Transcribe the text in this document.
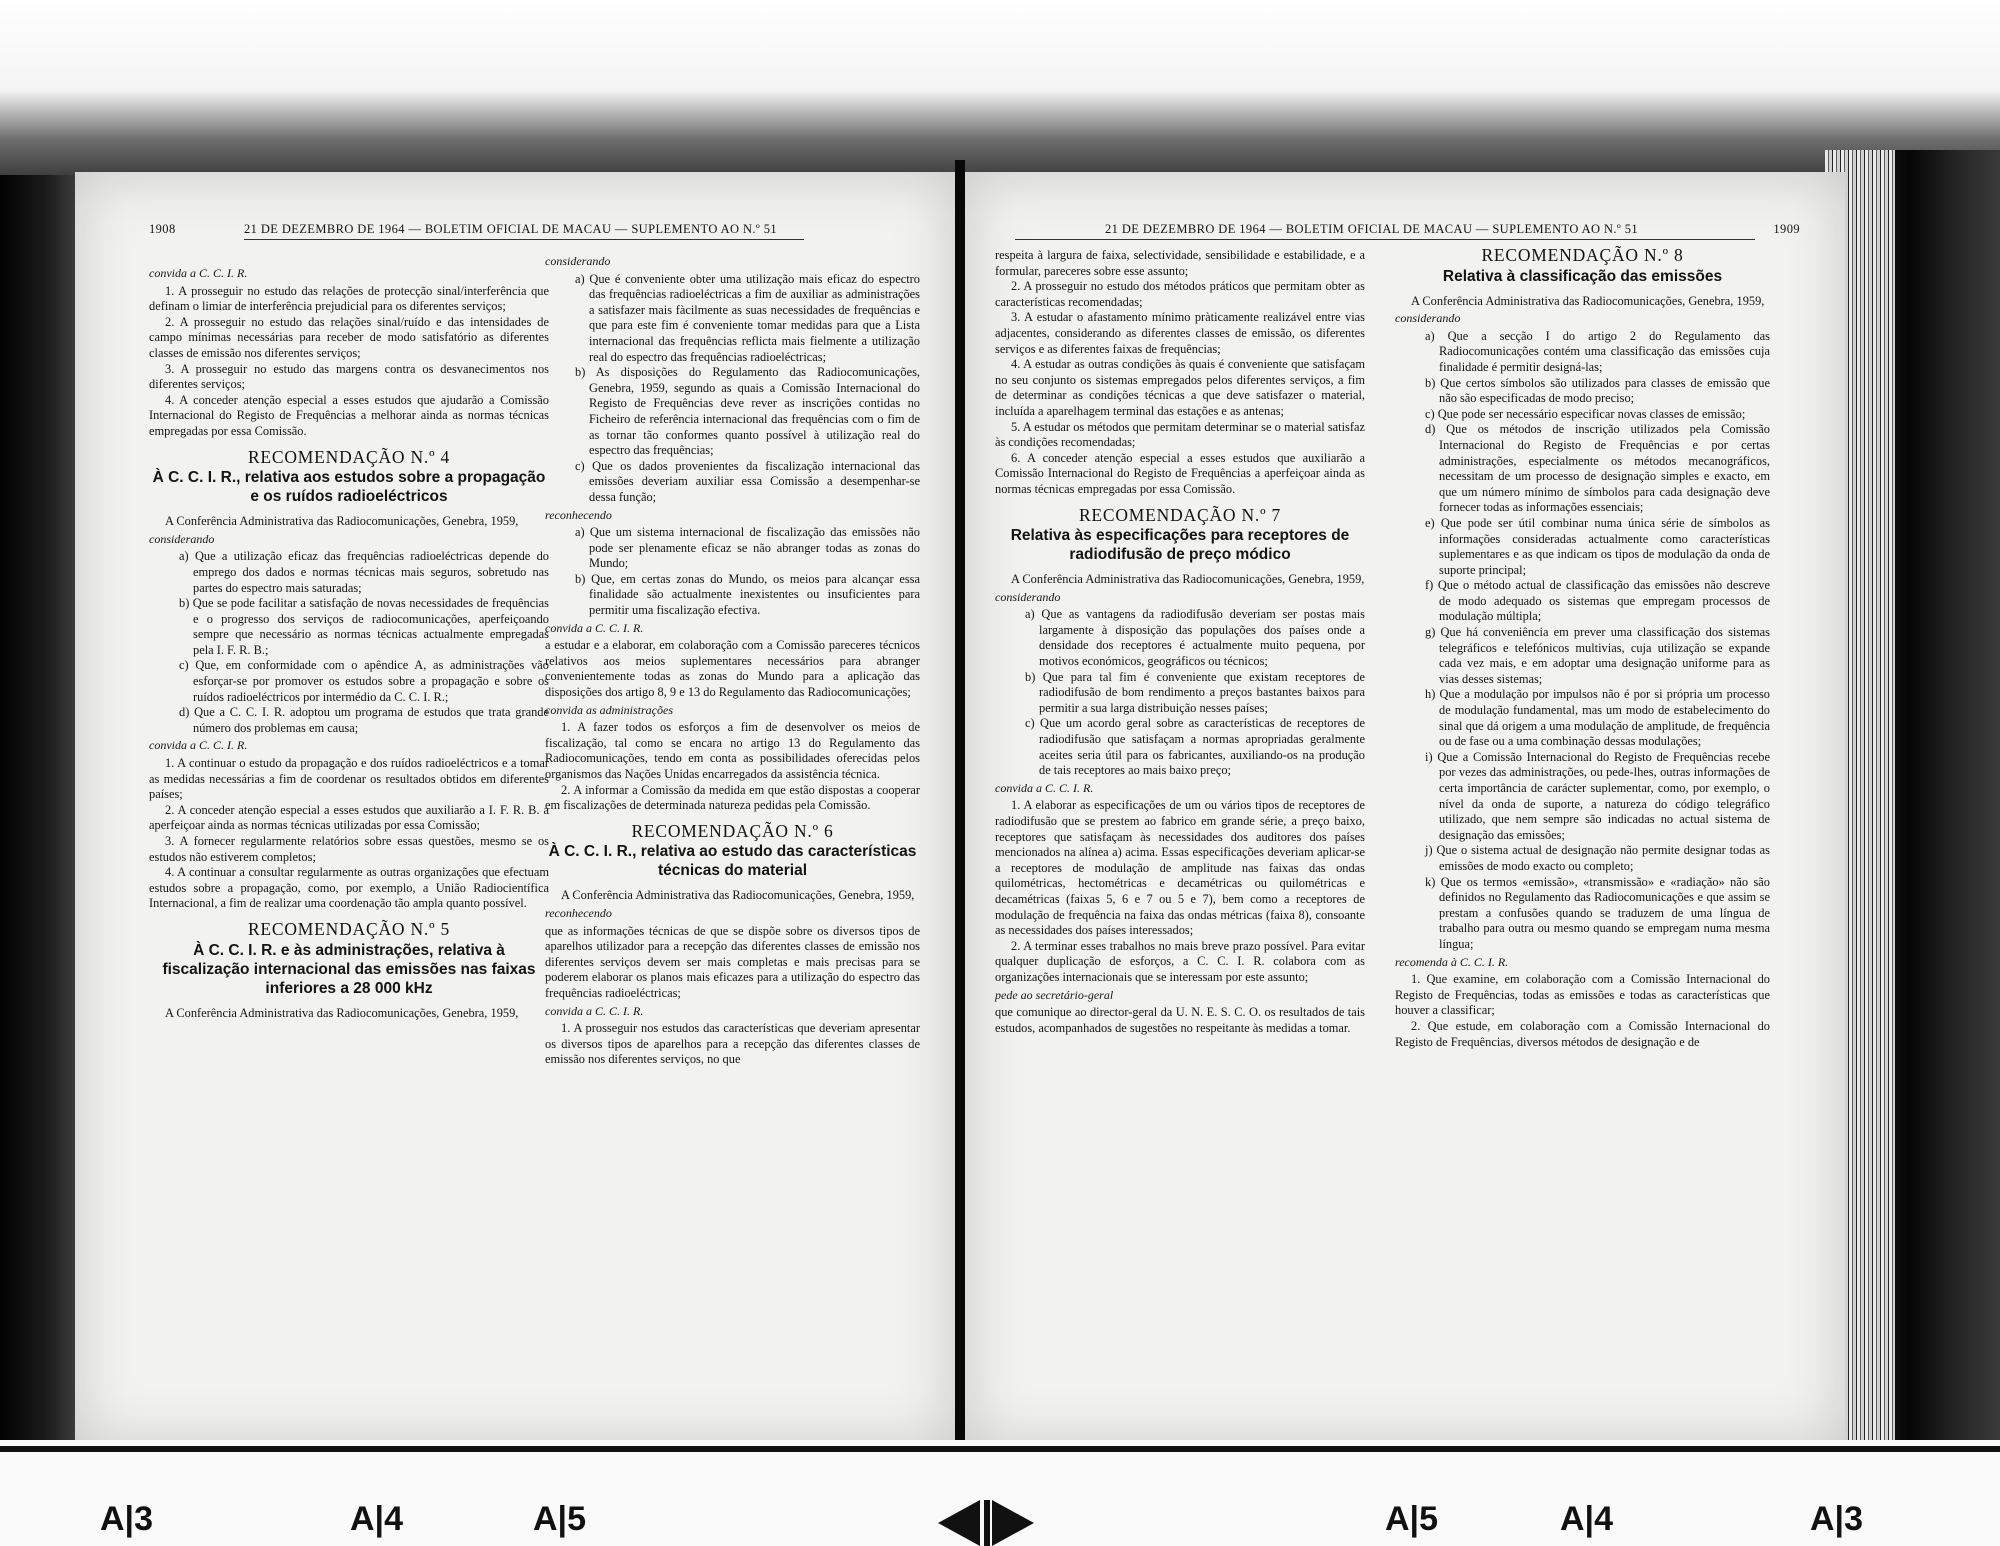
1908	21 DE DEZEMBRO DE 1964 — BOLETIM OFICIAL DE MACAU — SUPLEMENTO AO N.º 51

convida a C. C. I. R.

1. A prosseguir no estudo das relações de protecção sinal/interferência que definam o limiar de interferência prejudicial para os diferentes serviços;

2. A prosseguir no estudo das relações sinal/ruído e das intensidades de campo mínimas necessárias para receber de modo satisfatório as diferentes classes de emissão nos diferentes serviços;

3. A prosseguir no estudo das margens contra os desvanecimentos nos diferentes serviços;

4. A conceder atenção especial a esses estudos que ajudarão a Comissão Internacional do Registo de Frequências a melhorar ainda as normas técnicas empregadas por essa Comissão.

RECOMENDAÇÃO N.º 4

À C. C. I. R., relativa aos estudos sobre a propagação e os ruídos radioeléctricos

A Conferência Administrativa das Radiocomunicações, Genebra, 1959,

considerando

a) Que a utilização eficaz das frequências radioeléctricas depende do emprego dos dados e normas técnicas mais seguros, sobretudo nas partes do espectro mais saturadas;

b) Que se pode facilitar a satisfação de novas necessidades de frequências e o progresso dos serviços de radiocomunicações, aperfeiçoando sempre que necessário as normas técnicas actualmente empregadas pela I. F. R. B.;

c) Que, em conformidade com o apêndice A, as administrações vão esforçar-se por promover os estudos sobre a propagação e sobre os ruídos radioeléctricos por intermédio da C. C. I. R.;

d) Que a C. C. I. R. adoptou um programa de estudos que trata grande número dos problemas em causa;

convida a C. C. I. R.

1. A continuar o estudo da propagação e dos ruídos radioeléctricos e a tomar as medidas necessárias a fim de coordenar os resultados obtidos em diferentes países;

2. A conceder atenção especial a esses estudos que auxiliarão a I. F. R. B. a aperfeiçoar ainda as normas técnicas utilizadas por essa Comissão;

3. A fornecer regularmente relatórios sobre essas questões, mesmo se os estudos não estiverem completos;

4. A continuar a consultar regularmente as outras organizações que efectuam estudos sobre a propagação, como, por exemplo, a União Radiocientífica Internacional, a fim de realizar uma coordenação tão ampla quanto possível.

RECOMENDAÇÃO N.º 5

À C. C. I. R. e às administrações, relativa à fiscalização internacional das emissões nas faixas inferiores a 28 000 kHz

A Conferência Administrativa das Radiocomunicações, Genebra, 1959,

considerando

a) Que é conveniente obter uma utilização mais eficaz do espectro das frequências radioeléctricas a fim de auxiliar as administrações a satisfazer mais fàcilmente as suas necessidades de frequências e que para este fim é conveniente tomar medidas para que a Lista internacional das frequências reflicta mais fielmente a utilização real do espectro das frequências radioeléctricas;

b) As disposições do Regulamento das Radiocomunicações, Genebra, 1959, segundo as quais a Comissão Internacional do Registo de Frequências deve rever as inscrições contidas no Ficheiro de referência internacional das frequências com o fim de as tornar tão conformes quanto possível à utilização real do espectro das frequências;

c) Que os dados provenientes da fiscalização internacional das emissões deveriam auxiliar essa Comissão a desempenhar-se dessa função;

reconhecendo

a) Que um sistema internacional de fiscalização das emissões não pode ser plenamente eficaz se não abranger todas as zonas do Mundo;

b) Que, em certas zonas do Mundo, os meios para alcançar essa finalidade são actualmente inexistentes ou insuficientes para permitir uma fiscalização efectiva.

convida a C. C. I. R.

a estudar e a elaborar, em colaboração com a Comissão pareceres técnicos relativos aos meios suplementares necessários para abranger convenientemente todas as zonas do Mundo para a aplicação das disposições dos artigo 8, 9 e 13 do Regulamento das Radiocomunicações;

convida as administrações

1. A fazer todos os esforços a fim de desenvolver os meios de fiscalização, tal como se encara no artigo 13 do Regulamento das Radiocomunicações, tendo em conta as possibilidades oferecidas pelos organismos das Nações Unidas encarregados da assistência técnica.

2. A informar a Comissão da medida em que estão dispostas a cooperar em fiscalizações de determinada natureza pedidas pela Comissão.

RECOMENDAÇÃO N.º 6

À C. C. I. R., relativa ao estudo das características técnicas do material

A Conferência Administrativa das Radiocomunicações, Genebra, 1959,

reconhecendo

que as informações técnicas de que se dispõe sobre os diversos tipos de aparelhos utilizador para a recepção das diferentes classes de emissão nos diferentes serviços devem ser mais completas e mais precisas para se poderem elaborar os planos mais eficazes para a utilização do espectro das frequências radioeléctricas;

convida a C. C. I. R.

1. A prosseguir nos estudos das características que deveriam apresentar os diversos tipos de aparelhos para a recepção das diferentes classes de emissão nos diferentes serviços, no que

21 DE DEZEMBRO DE 1964 — BOLETIM OFICIAL DE MACAU — SUPLEMENTO AO N.º 51	1909

respeita à largura de faixa, selectividade, sensibilidade e estabilidade, e a formular, pareceres sobre esse assunto;

2. A prosseguir no estudo dos métodos práticos que permitam obter as características recomendadas;

3. A estudar o afastamento mínimo pràticamente realizável entre vias adjacentes, considerando as diferentes classes de emissão, os diferentes serviços e as diferentes faixas de frequências;

4. A estudar as outras condições às quais é conveniente que satisfaçam no seu conjunto os sistemas empregados pelos diferentes serviços, a fim de determinar as condições técnicas a que deve satisfazer o material, incluída a aparelhagem terminal das estações e as antenas;

5. A estudar os métodos que permitam determinar se o material satisfaz às condições recomendadas;

6. A conceder atenção especial a esses estudos que auxiliarão a Comissão Internacional do Registo de Frequências a aperfeiçoar ainda as normas técnicas empregadas por essa Comissão.

RECOMENDAÇÃO N.º 7

Relativa às especificações para receptores de radiodifusão de preço módico

A Conferência Administrativa das Radiocomunicações, Genebra, 1959,

considerando

a) Que as vantagens da radiodifusão deveriam ser postas mais largamente à disposição das populações dos países onde a densidade dos receptores é actualmente muito pequena, por motivos económicos, geográficos ou técnicos;

b) Que para tal fim é conveniente que existam receptores de radiodifusão de bom rendimento a preços bastantes baixos para permitir a sua larga distribuição nesses países;

c) Que um acordo geral sobre as características de receptores de radiodifusão que satisfaçam a normas apropriadas geralmente aceites seria útil para os fabricantes, auxiliando-os na produção de tais receptores ao mais baixo preço;

convida a C. C. I. R.

1. A elaborar as especificações de um ou vários tipos de receptores de radiodifusão que se prestem ao fabrico em grande série, a preço baixo, receptores que satisfaçam às necessidades dos auditores dos países mencionados na alínea a) acima. Essas especificações deveriam aplicar-se a receptores de modulação de amplitude nas faixas das ondas quilométricas, hectométricas e decamétricas ou quilométricas e decamétricas (faixas 5, 6 e 7 ou 5 e 7), bem como a receptores de modulação de frequência na faixa das ondas métricas (faixa 8), consoante as necessidades dos países interessados;

2. A terminar esses trabalhos no mais breve prazo possível. Para evitar qualquer duplicação de esforços, a C. C. I. R. colabora com as organizações internacionais que se interessam por este assunto;

pede ao secretário-geral

que comunique ao director-geral da U. N. E. S. C. O. os resultados de tais estudos, acompanhados de sugestões no respeitante às medidas a tomar.

RECOMENDAÇÃO N.º 8

Relativa à classificação das emissões

A Conferência Administrativa das Radiocomunicações, Genebra, 1959,

considerando

a) Que a secção I do artigo 2 do Regulamento das Radiocomunicações contém uma classificação das emissões cuja finalidade é permitir designá-las;

b) Que certos símbolos são utilizados para classes de emissão que não são especificadas de modo preciso;

c) Que pode ser necessário especificar novas classes de emissão;

d) Que os métodos de inscrição utilizados pela Comissão Internacional do Registo de Frequências e por certas administrações, especialmente os métodos mecanográficos, necessitam de um processo de designação simples e exacto, em que um número mínimo de símbolos para cada designação deve fornecer todas as informações essenciais;

e) Que pode ser útil combinar numa única série de símbolos as informações consideradas actualmente como características suplementares e as que indicam os tipos de modulação da onda de suporte principal;

f) Que o método actual de classificação das emissões não descreve de modo adequado os sistemas que empregam processos de modulação múltipla;

g) Que há conveniência em prever uma classificação dos sistemas telegráficos e telefónicos multivias, cuja utilização se expande cada vez mais, e em adoptar uma designação uniforme para as vias desses sistemas;

h) Que a modulação por impulsos não é por si própria um processo de modulação fundamental, mas um modo de estabelecimento do sinal que dá origem a uma modulação de amplitude, de frequência ou de fase ou a uma combinação dessas modulações;

i) Que a Comissão Internacional do Registo de Frequências recebe por vezes das administrações, ou pede-lhes, outras informações de certa importância de carácter suplementar, como, por exemplo, o nível da onda de suporte, a natureza do código telegráfico utilizado, que nem sempre são indicadas no actual sistema de designação das emissões;

j) Que o sistema actual de designação não permite designar todas as emissões de modo exacto ou completo;

k) Que os termos «emissão», «transmissão» e «radiação» não são definidos no Regulamento das Radiocomunicações e que assim se prestam a confusões quando se traduzem de uma língua de trabalho para outra ou mesmo quando se empregam numa mesma língua;

recomenda à C. C. I. R.

1. Que examine, em colaboração com a Comissão Internacional do Registo de Frequências, todas as emissões e todas as características que houver a classificar;

2. Que estude, em colaboração com a Comissão Internacional do Registo de Frequências, diversos métodos de designação e de

A|3	A|4	A|5	A|5	A|4	A|3
